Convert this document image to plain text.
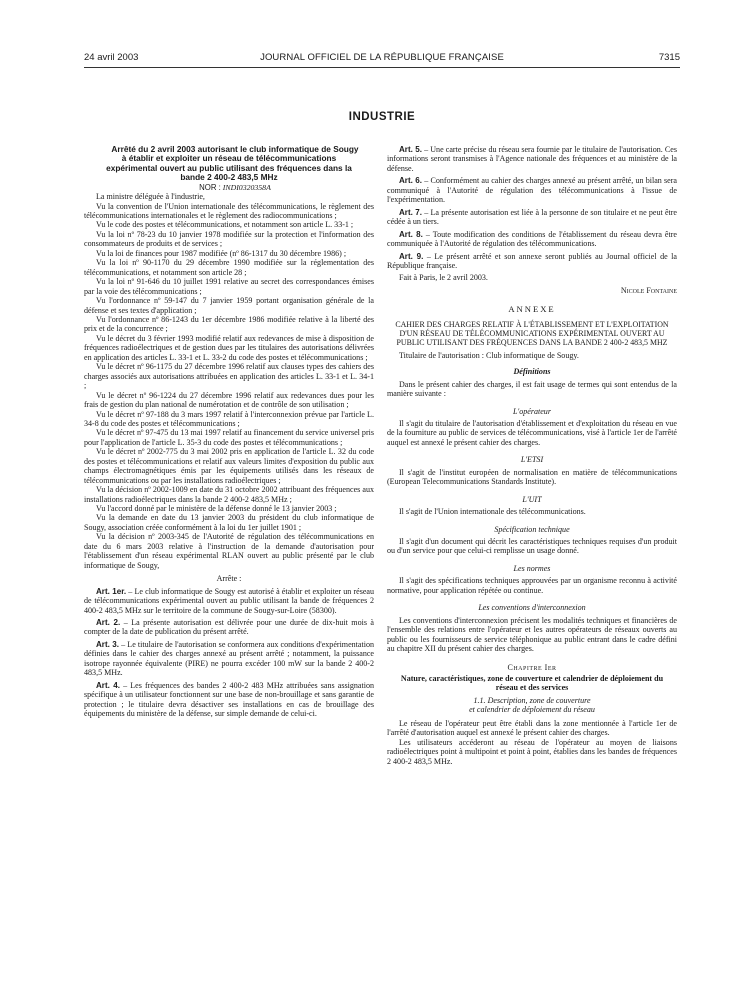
24 avril 2003	JOURNAL OFFICIEL DE LA RÉPUBLIQUE FRANÇAISE	7315
INDUSTRIE

Arrêté du 2 avril 2003 autorisant le club informatique de Sougy à établir et exploiter un réseau de télécommunications expérimental ouvert au public utilisant des fréquences dans la bande 2 400-2 483,5 MHz

NOR : INDI0320358A

La ministre déléguée à l'industrie,

Vu la convention de l'Union internationale des télécommunications, le règlement des télécommunications internationales et le règlement des radiocommunications ;

Vu le code des postes et télécommunications, et notamment son article L. 33-1 ;

Vu la loi nº 78-23 du 10 janvier 1978 modifiée sur la protection et l'information des consommateurs de produits et de services ;

Vu la loi de finances pour 1987 modifiée (nº 86-1317 du 30 décembre 1986) ;

Vu la loi nº 90-1170 du 29 décembre 1990 modifiée sur la réglementation des télécommunications, et notamment son article 28 ;

Vu la loi nº 91-646 du 10 juillet 1991 relative au secret des correspondances émises par la voie des télécommunications ;

Vu l'ordonnance nº 59-147 du 7 janvier 1959 portant organisation générale de la défense et ses textes d'application ;

Vu l'ordonnance nº 86-1243 du 1er décembre 1986 modifiée relative à la liberté des prix et de la concurrence ;

Vu le décret du 3 février 1993 modifié relatif aux redevances de mise à disposition de fréquences radioélectriques et de gestion dues par les titulaires des autorisations délivrées en application des articles L. 33-1 et L. 33-2 du code des postes et télécommunications ;

Vu le décret nº 96-1175 du 27 décembre 1996 relatif aux clauses types des cahiers des charges associés aux autorisations attribuées en application des articles L. 33-1 et L. 34-1 ;

Vu le décret nº 96-1224 du 27 décembre 1996 relatif aux redevances dues pour les frais de gestion du plan national de numérotation et de contrôle de son utilisation ;

Vu le décret nº 97-188 du 3 mars 1997 relatif à l'interconnexion prévue par l'article L. 34-8 du code des postes et télécommunications ;

Vu le décret nº 97-475 du 13 mai 1997 relatif au financement du service universel pris pour l'application de l'article L. 35-3 du code des postes et télécommunications ;

Vu le décret nº 2002-775 du 3 mai 2002 pris en application de l'article L. 32 du code des postes et télécommunications et relatif aux valeurs limites d'exposition du public aux champs électromagnétiques émis par les équipements utilisés dans les réseaux de télécommunications ou par les installations radioélectriques ;

Vu la décision nº 2002-1009 en date du 31 octobre 2002 attribuant des fréquences aux installations radioélectriques dans la bande 2 400-2 483,5 MHz ;

Vu l'accord donné par le ministère de la défense donné le 13 janvier 2003 ;

Vu la demande en date du 13 janvier 2003 du président du club informatique de Sougy, association créée conformément à la loi du 1er juillet 1901 ;

Vu la décision nº 2003-345 de l'Autorité de régulation des télécommunications en date du 6 mars 2003 relative à l'instruction de la demande d'autorisation pour l'établissement d'un réseau expérimental RLAN ouvert au public présenté par le club informatique de Sougy,

Arrête :

Art. 1er. – Le club informatique de Sougy est autorisé à établir et exploiter un réseau de télécommunications expérimental ouvert au public utilisant la bande de fréquences 2 400-2 483,5 MHz sur le territoire de la commune de Sougy-sur-Loire (58300).

Art. 2. – La présente autorisation est délivrée pour une durée de dix-huit mois à compter de la date de publication du présent arrêté.

Art. 3. – Le titulaire de l'autorisation se conformera aux conditions d'expérimentation définies dans le cahier des charges annexé au présent arrêté ; notamment, la puissance isotrope rayonnée équivalente (PIRE) ne pourra excéder 100 mW sur la bande 2 400-2 483,5 MHz.

Art. 4. – Les fréquences des bandes 2 400-2 483 MHz attribuées sans assignation spécifique à un utilisateur fonctionnent sur une base de non-brouillage et sans garantie de protection ; le titulaire devra désactiver ses installations en cas de brouillage des équipements du ministère de la défense, sur simple demande de celui-ci.

Art. 5. – Une carte précise du réseau sera fournie par le titulaire de l'autorisation. Ces informations seront transmises à l'Agence nationale des fréquences et au ministère de la défense.

Art. 6. – Conformément au cahier des charges annexé au présent arrêté, un bilan sera communiqué à l'Autorité de régulation des télécommunications à l'issue de l'expérimentation.

Art. 7. – La présente autorisation est liée à la personne de son titulaire et ne peut être cédée à un tiers.

Art. 8. – Toute modification des conditions de l'établissement du réseau devra être communiquée à l'Autorité de régulation des télécommunications.

Art. 9. – Le présent arrêté et son annexe seront publiés au Journal officiel de la République française.

Fait à Paris, le 2 avril 2003.

Nicole Fontaine

ANNEXE

CAHIER DES CHARGES RELATIF À L'ÉTABLISSEMENT ET L'EXPLOITATION D'UN RÉSEAU DE TÉLÉCOMMUNICATIONS EXPÉRIMENTAL OUVERT AU PUBLIC UTILISANT DES FRÉQUENCES DANS LA BANDE 2 400-2 483,5 MHZ

Titulaire de l'autorisation : Club informatique de Sougy.

Définitions

Dans le présent cahier des charges, il est fait usage de termes qui sont entendus de la manière suivante :

L'opérateur

Il s'agit du titulaire de l'autorisation d'établissement et d'exploitation du réseau en vue de la fourniture au public de services de télécommunications, visé à l'article 1er de l'arrêté auquel est annexé le présent cahier des charges.

L'ETSI

Il s'agit de l'institut européen de normalisation en matière de télécommunications (European Telecommunications Standards Institute).

L'UIT

Il s'agit de l'Union internationale des télécommunications.

Spécification technique

Il s'agit d'un document qui décrit les caractéristiques techniques requises d'un produit ou d'un service pour que celui-ci remplisse un usage donné.

Les normes

Il s'agit des spécifications techniques approuvées par un organisme reconnu à activité normative, pour application répétée ou continue.

Les conventions d'interconnexion

Les conventions d'interconnexion précisent les modalités techniques et financières de l'ensemble des relations entre l'opérateur et les autres opérateurs de réseaux ouverts au public ou les fournisseurs de service téléphonique au public entrant dans le cadre défini au chapitre XII du présent cahier des charges.

Chapitre Ier

Nature, caractéristiques, zone de couverture et calendrier de déploiement du réseau et des services

1.1. Description, zone de couverture

et calendrier de déploiement du réseau

Le réseau de l'opérateur peut être établi dans la zone mentionnée à l'article 1er de l'arrêté d'autorisation auquel est annexé le présent cahier des charges.

Les utilisateurs accéderont au réseau de l'opérateur au moyen de liaisons radioélectriques point à multipoint et point à point, établies dans les bandes de fréquences 2 400-2 483,5 MHz.
